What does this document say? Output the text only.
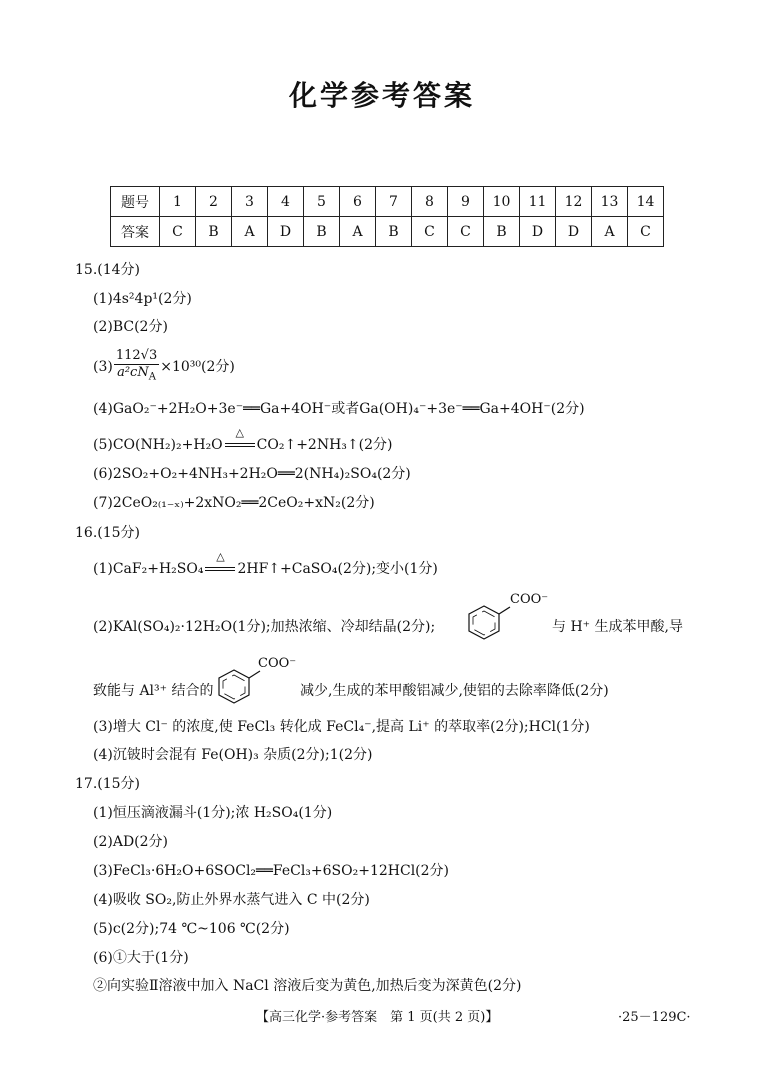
化学参考答案
题号	1	2	3	4	5	6	7	8	9	10	11	12	13	14
答案	C	B	A	D	B	A	B	C	C	B	D	D	A	C
15.(14分)
(1)4s²4p¹(2分)
(2)BC(2分)
$(3) \frac{112√3}{a^2cN_A} \times 10^{30}(2$分)
(4)GaO₂⁻+2H₂O+3e⁻══Ga+4OH⁻或者Ga(OH)₄⁻+3e⁻══Ga+4OH⁻(2分)
(5)CO(NH₂)₂+H₂O
△
CO₂↑+2NH₃↑(2分)
(6)2SO₂+O₂+4NH₃+2H₂O══2(NH₄)₂SO₄(2分)
(7)2CeO₂₍₁₋ₓ₎+2xNO₂══2CeO₂+xN₂(2分)
16.(15分)
(1)CaF₂+H₂SO₄
△
2HF↑+CaSO₄(2分);变小(1分)
(2)KAl(SO₄)₂·12H₂O(1分);加热浓缩、冷却结晶(2分);
COO⁻
与 H⁺ 生成苯甲酸,导
致能与 Al³⁺ 结合的
COO⁻
减少,生成的苯甲酸铝减少,使铝的去除率降低(2分)
(3)增大 Cl⁻ 的浓度,使 FeCl₃ 转化成 FeCl₄⁻,提高 Li⁺ 的萃取率(2分);HCl(1分)
(4)沉铍时会混有 Fe(OH)₃ 杂质(2分);1(2分)
17.(15分)
(1)恒压滴液漏斗(1分);浓 H₂SO₄(1分)
(2)AD(2分)
(3)FeCl₃·6H₂O+6SOCl₂══FeCl₃+6SO₂+12HCl(2分)
(4)吸收 SO₂,防止外界水蒸气进入 C 中(2分)
(5)c(2分);74 ℃~106 ℃(2分)
(6)①大于(1分)
②向实验Ⅱ溶液中加入 NaCl 溶液后变为黄色,加热后变为深黄色(2分)
【高三化学·参考答案　第 1 页(共 2 页)】	·25－129C·
